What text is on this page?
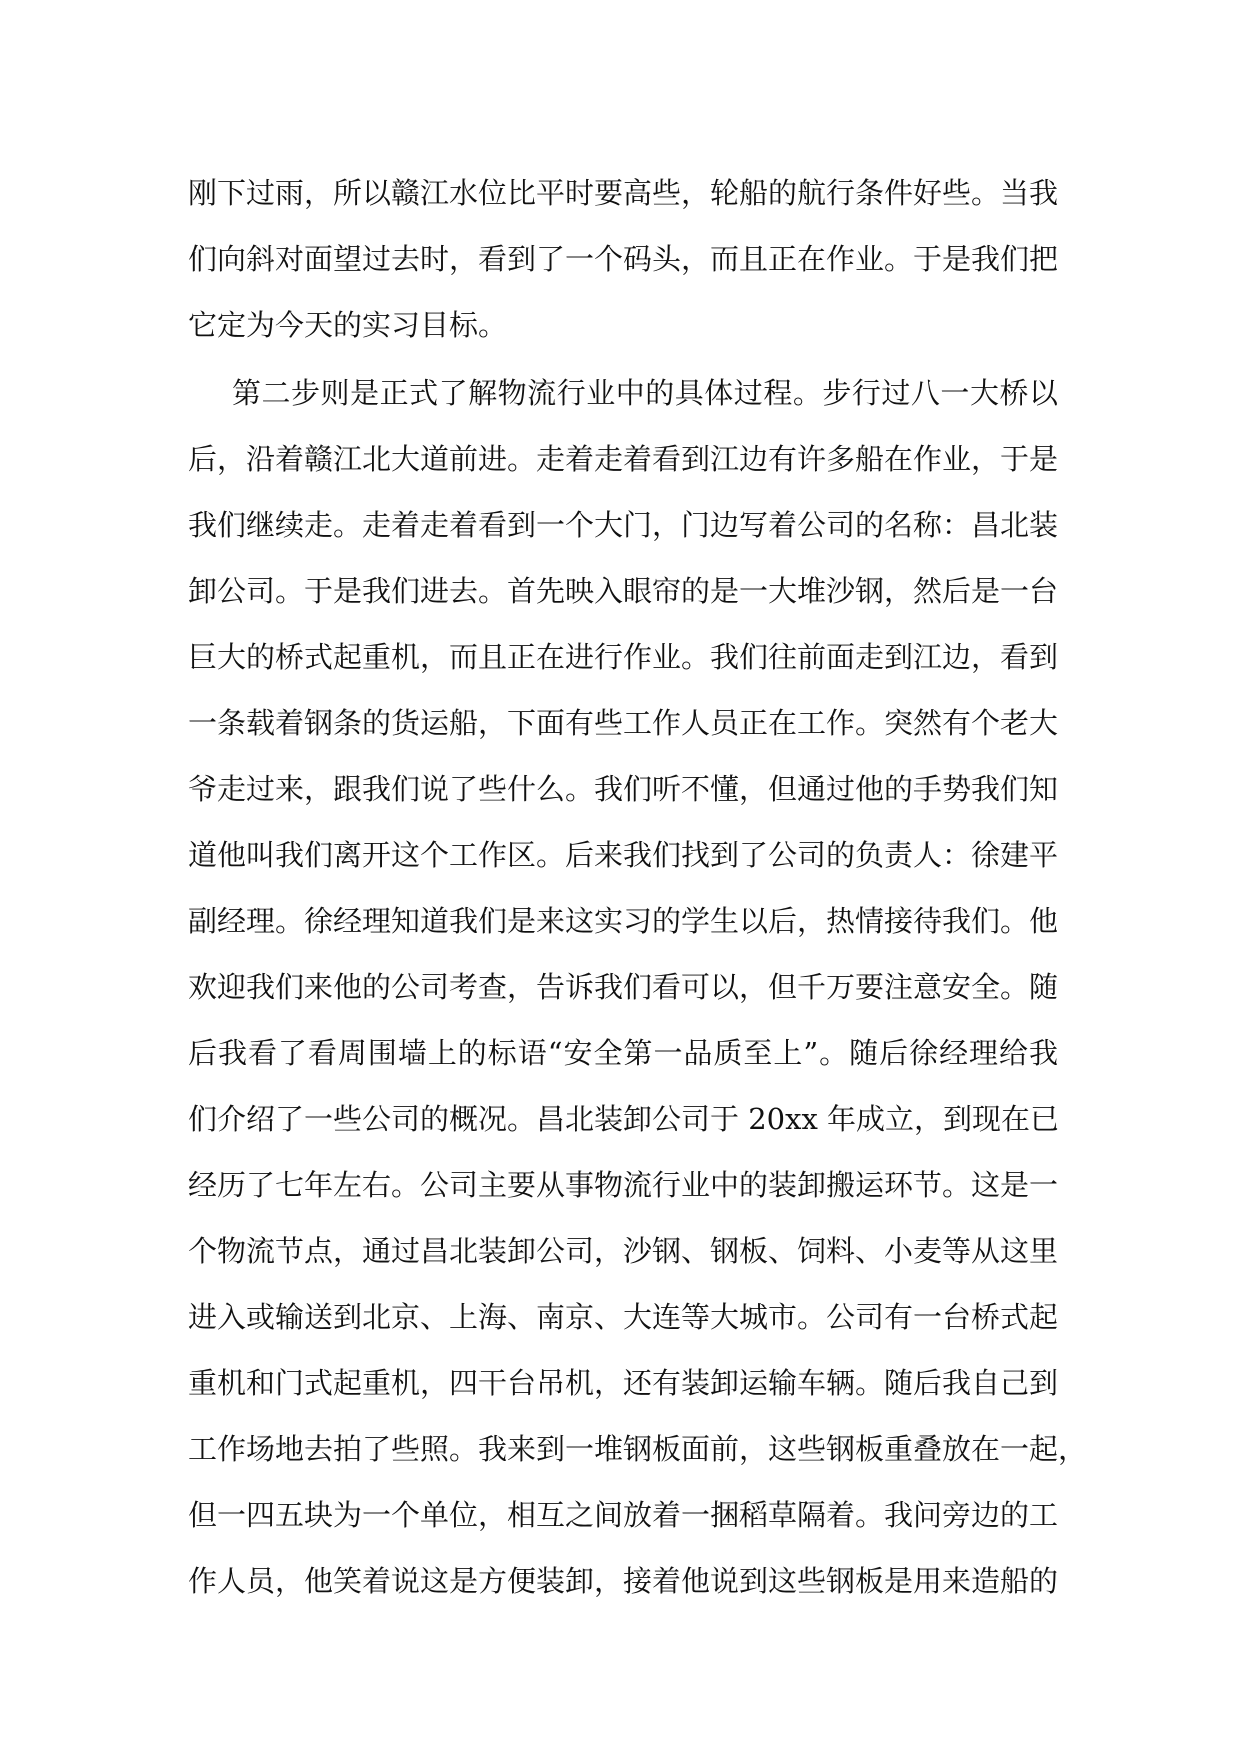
刚下过雨，所以赣江水位比平时要高些，轮船的航行条件好些。当我
们向斜对面望过去时，看到了一个码头，而且正在作业。于是我们把
它定为今天的实习目标。
第二步则是正式了解物流行业中的具体过程。步行过八一大桥以
后，沿着赣江北大道前进。走着走着看到江边有许多船在作业，于是
我们继续走。走着走着看到一个大门，门边写着公司的名称：昌北装
卸公司。于是我们进去。首先映入眼帘的是一大堆沙钢，然后是一台
巨大的桥式起重机，而且正在进行作业。我们往前面走到江边，看到
一条载着钢条的货运船，下面有些工作人员正在工作。突然有个老大
爷走过来，跟我们说了些什么。我们听不懂，但通过他的手势我们知
道他叫我们离开这个工作区。后来我们找到了公司的负责人：徐建平
副经理。徐经理知道我们是来这实习的学生以后，热情接待我们。他
欢迎我们来他的公司考查，告诉我们看可以，但千万要注意安全。随
后我看了看周围墙上的标语“安全第一品质至上”。随后徐经理给我
们介绍了一些公司的概况。昌北装卸公司于 20xx 年成立，到现在已
经历了七年左右。公司主要从事物流行业中的装卸搬运环节。这是一
个物流节点，通过昌北装卸公司，沙钢、钢板、饲料、小麦等从这里
进入或输送到北京、上海、南京、大连等大城市。公司有一台桥式起
重机和门式起重机，四干台吊机，还有装卸运输车辆。随后我自己到
工作场地去拍了些照。我来到一堆钢板面前，这些钢板重叠放在一起，
但一四五块为一个单位，相互之间放着一捆稻草隔着。我问旁边的工
作人员，他笑着说这是方便装卸，接着他说到这些钢板是用来造船的
